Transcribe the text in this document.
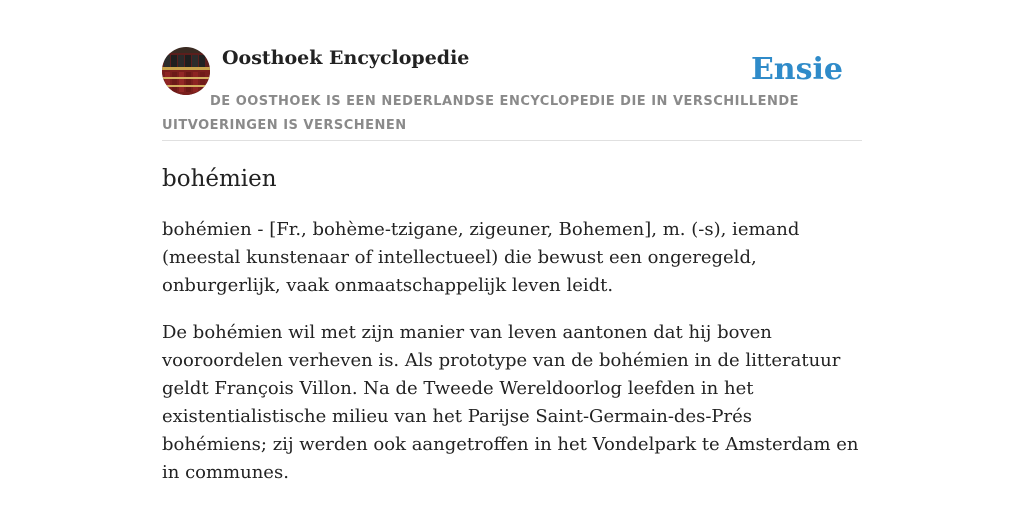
Oosthoek Encyclopedie	Ensie

DE OOSTHOEK IS EEN NEDERLANDSE ENCYCLOPEDIE DIE IN VERSCHILLENDE UITVOERINGEN IS VERSCHENEN

bohémien

bohémien - [Fr., bohème-tzigane, zigeuner, Bohemen], m. (-s), iemand (meestal kunstenaar of intellectueel) die bewust een ongeregeld, onburgerlijk, vaak onmaatschappelijk leven leidt.

De bohémien wil met zijn manier van leven aantonen dat hij boven vooroordelen verheven is. Als prototype van de bohémien in de litteratuur geldt François Villon. Na de Tweede Wereldoorlog leefden in het existentialistische milieu van het Parijse Saint-Germain-des-Prés bohémiens; zij werden ook aangetroffen in het Vondelpark te Amsterdam en in communes.
